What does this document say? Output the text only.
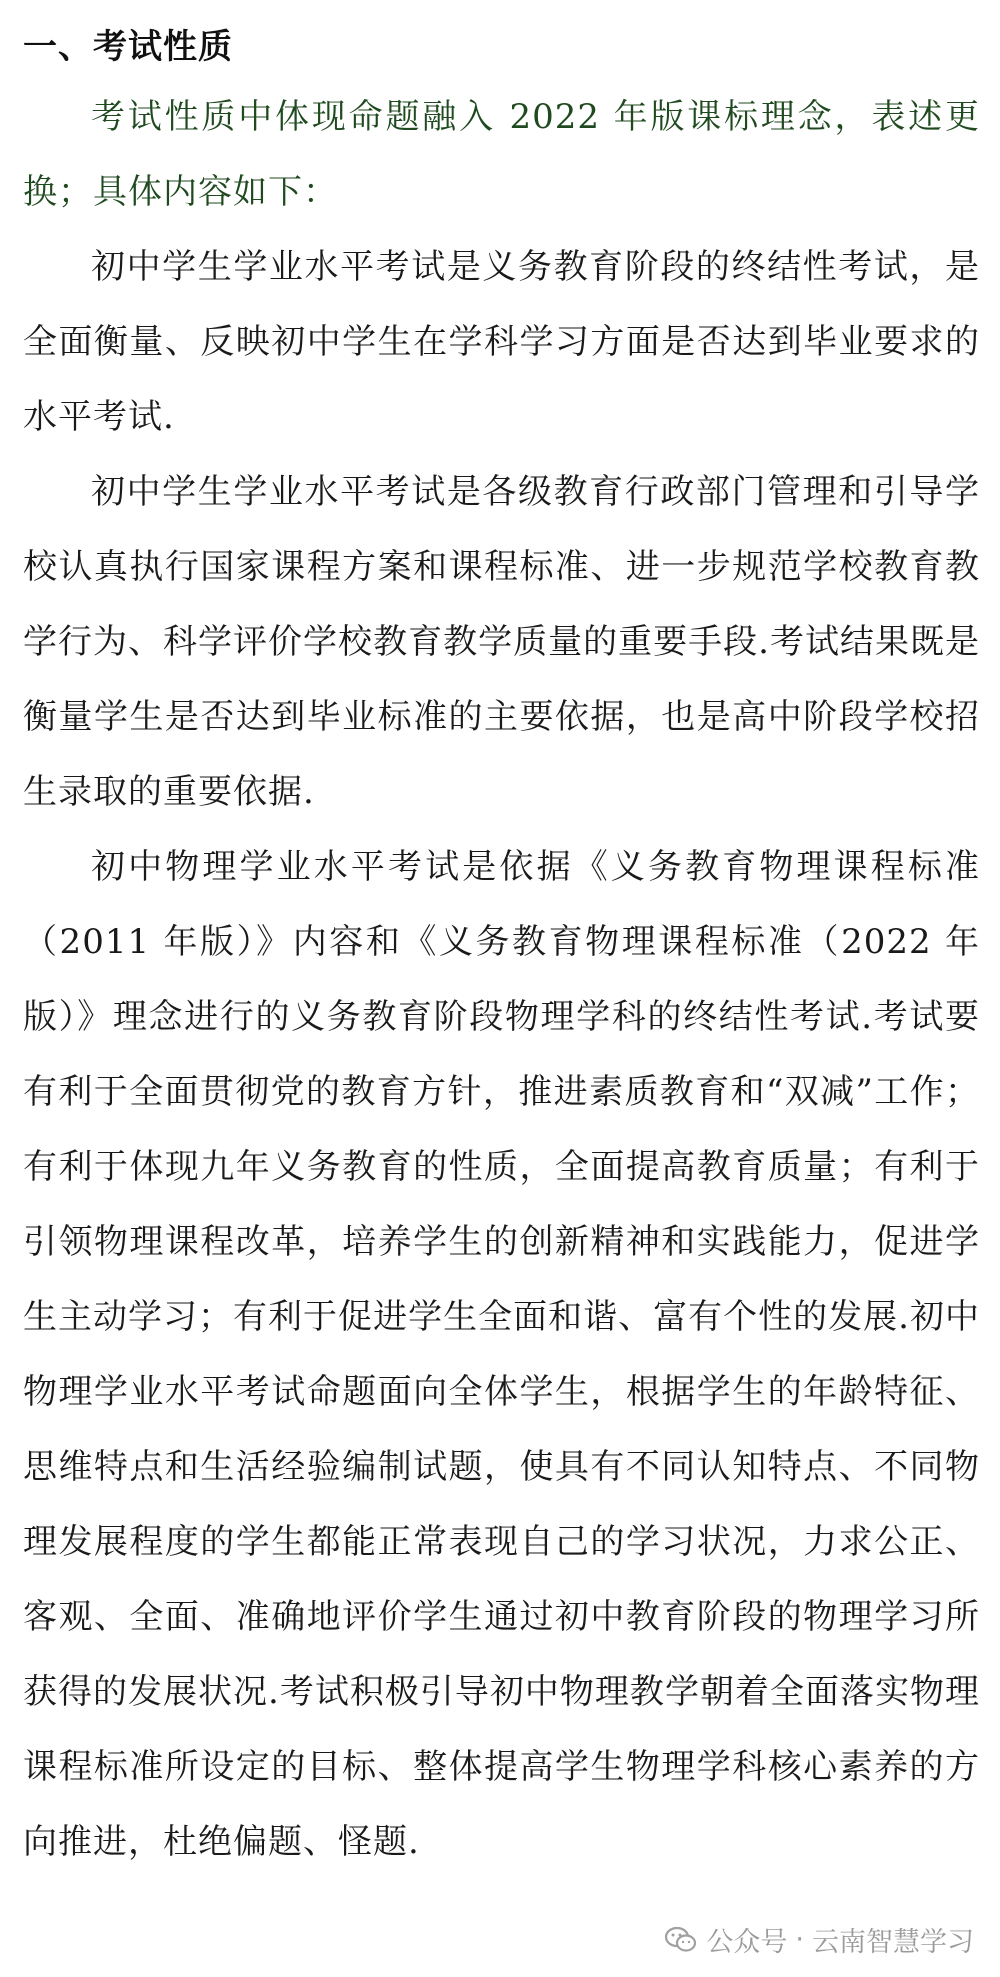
一、考试性质

考试性质中体现命题融入 2022 年版课标理念，表述更换；具体内容如下：

初中学生学业水平考试是义务教育阶段的终结性考试，是全面衡量、反映初中学生在学科学习方面是否达到毕业要求的水平考试.

初中学生学业水平考试是各级教育行政部门管理和引导学校认真执行国家课程方案和课程标准、进一步规范学校教育教学行为、科学评价学校教育教学质量的重要手段.考试结果既是衡量学生是否达到毕业标准的主要依据，也是高中阶段学校招生录取的重要依据.

初中物理学业水平考试是依据《义务教育物理课程标准（2011 年版）》内容和《义务教育物理课程标准（2022 年版）》理念进行的义务教育阶段物理学科的终结性考试.考试要有利于全面贯彻党的教育方针，推进素质教育和“双减”工作；有利于体现九年义务教育的性质，全面提高教育质量；有利于引领物理课程改革，培养学生的创新精神和实践能力，促进学生主动学习；有利于促进学生全面和谐、富有个性的发展.初中物理学业水平考试命题面向全体学生，根据学生的年龄特征、思维特点和生活经验编制试题，使具有不同认知特点、不同物理发展程度的学生都能正常表现自己的学习状况，力求公正、客观、全面、准确地评价学生通过初中教育阶段的物理学习所获得的发展状况.考试积极引导初中物理教学朝着全面落实物理课程标准所设定的目标、整体提高学生物理学科核心素养的方向推进，杜绝偏题、怪题.

公众号 · 云南智慧学习
